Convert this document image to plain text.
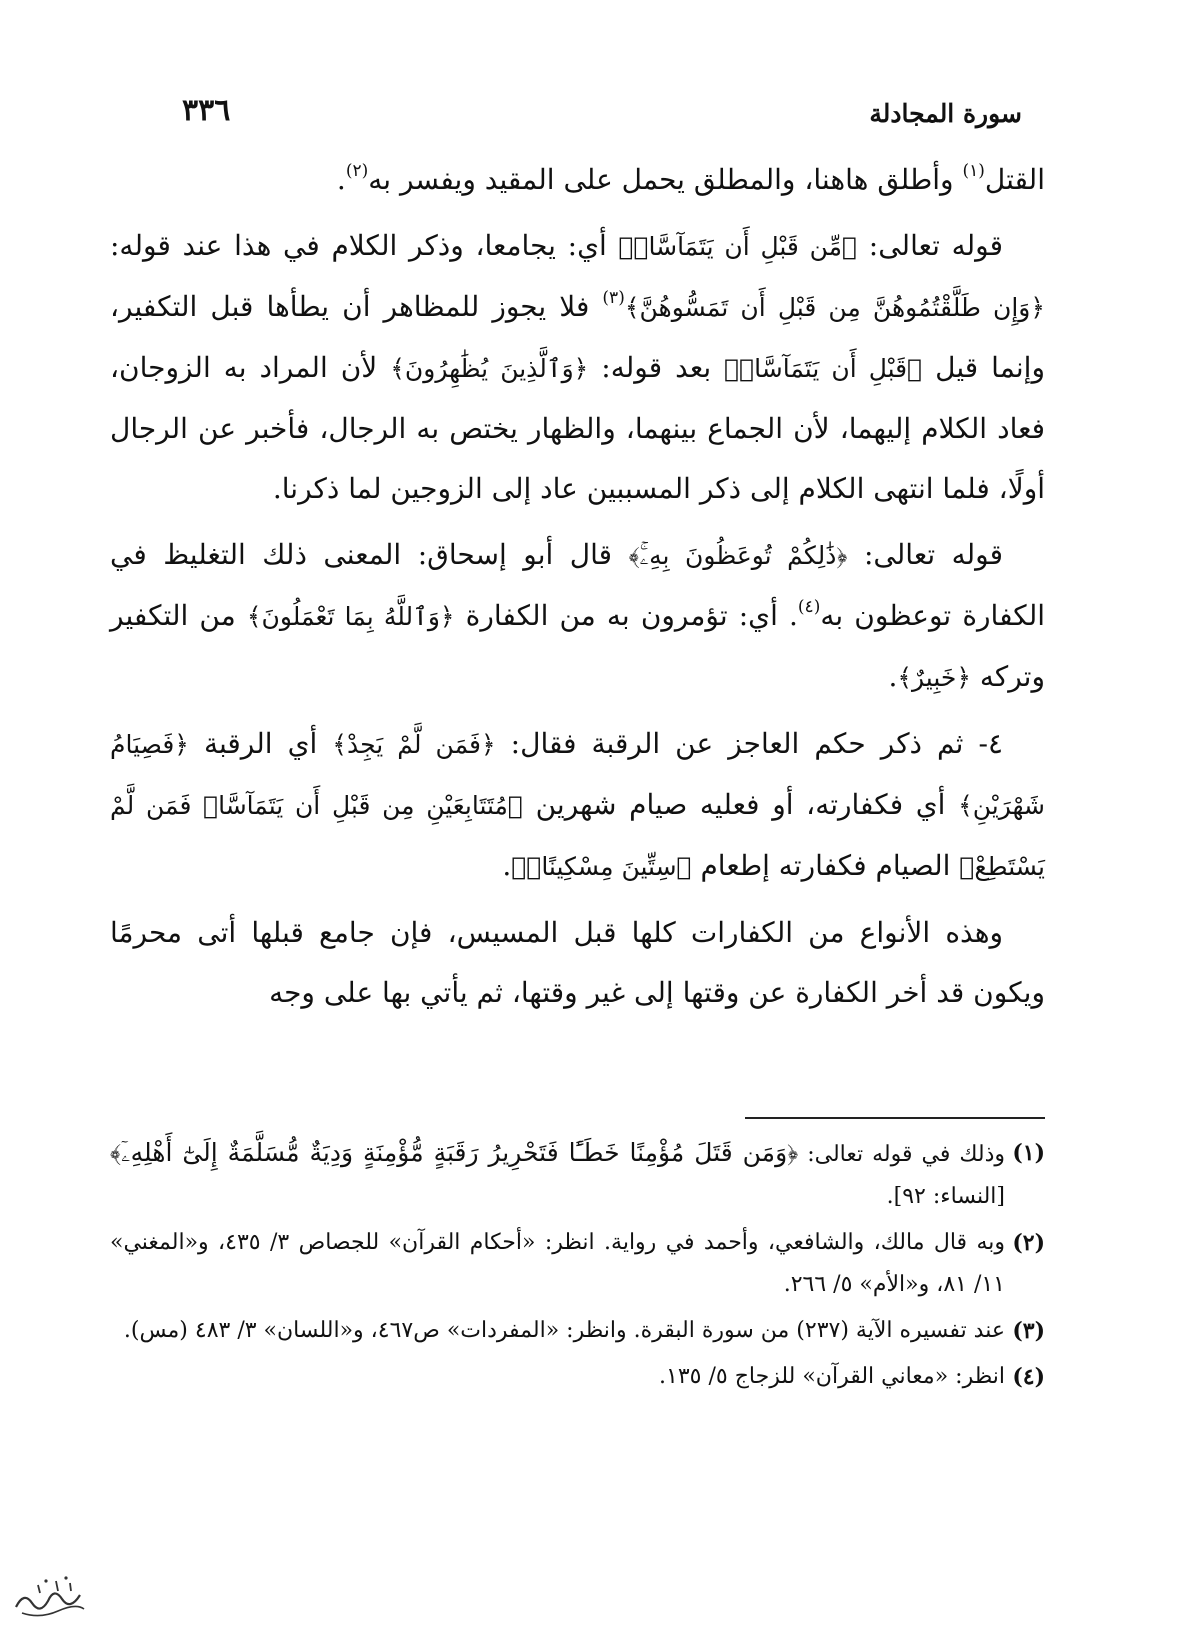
سورة المجادلة
٣٣٦

القتل$^{(١)}$ وأطلق هاهنا، والمطلق يحمل على المقيد ويفسر به$^{(٢)}$.

قوله تعالى: ﴿مِّن قَبْلِ أَن يَتَمَآسَّاۚ﴾ أي: يجامعا، وذكر الكلام في هذا عند قوله: ﴿وَإِن طَلَّقْتُمُوهُنَّ مِن قَبْلِ أَن تَمَسُّوهُنَّ﴾$^{(٣)}$ فلا يجوز للمظاهر أن يطأها قبل التكفير، وإنما قيل ﴿قَبْلِ أَن يَتَمَآسَّاۚ﴾ بعد قوله: ﴿وَٱلَّذِينَ يُظَٰهِرُونَ﴾ لأن المراد به الزوجان، فعاد الكلام إليهما، لأن الجماع بينهما، والظهار يختص به الرجال، فأخبر عن الرجال أولًا، فلما انتهى الكلام إلى ذكر المسببين عاد إلى الزوجين لما ذكرنا.

قوله تعالى: ﴿ذَٰلِكُمْ تُوعَظُونَ بِهِۦۚ﴾ قال أبو إسحاق: المعنى ذلك التغليظ في الكفارة توعظون به$^{(٤)}$. أي: تؤمرون به من الكفارة ﴿وَٱللَّهُ بِمَا تَعْمَلُونَ﴾ من التكفير وتركه ﴿خَبِيرٌ﴾.

٤- ثم ذكر حكم العاجز عن الرقبة فقال: ﴿فَمَن لَّمْ يَجِدْ﴾ أي الرقبة ﴿فَصِيَامُ شَهْرَيْنِ﴾ أي فكفارته، أو فعليه صيام شهرين ﴿مُتَتَابِعَيْنِ مِن قَبْلِ أَن يَتَمَآسَّاۖ فَمَن لَّمْ يَسْتَطِعْ﴾ الصيام فكفارته إطعام ﴿سِتِّينَ مِسْكِينًاۚ﴾.

وهذه الأنواع من الكفارات كلها قبل المسيس، فإن جامع قبلها أتى محرمًا ويكون قد أخر الكفارة عن وقتها إلى غير وقتها، ثم يأتي بها على وجه

(١)
وذلك في قوله تعالى: ﴿وَمَن قَتَلَ مُؤْمِنًا خَطَـًٔا فَتَحْرِيرُ رَقَبَةٍ مُّؤْمِنَةٍ وَدِيَةٌ مُّسَلَّمَةٌ إِلَىٰٓ أَهْلِهِۦٓ﴾ [النساء: ٩٢].
(٢)
وبه قال مالك، والشافعي، وأحمد في رواية. انظر: «أحكام القرآن» للجصاص ٣/ ٤٣٥، و«المغني» ١١/ ٨١، و«الأم» ٥/ ٢٦٦.
(٣)
عند تفسيره الآية (٢٣٧) من سورة البقرة. وانظر: «المفردات» ص٤٦٧، و«اللسان» ٣/ ٤٨٣ (مس).
(٤)
انظر: «معاني القرآن» للزجاج ٥/ ١٣٥.
